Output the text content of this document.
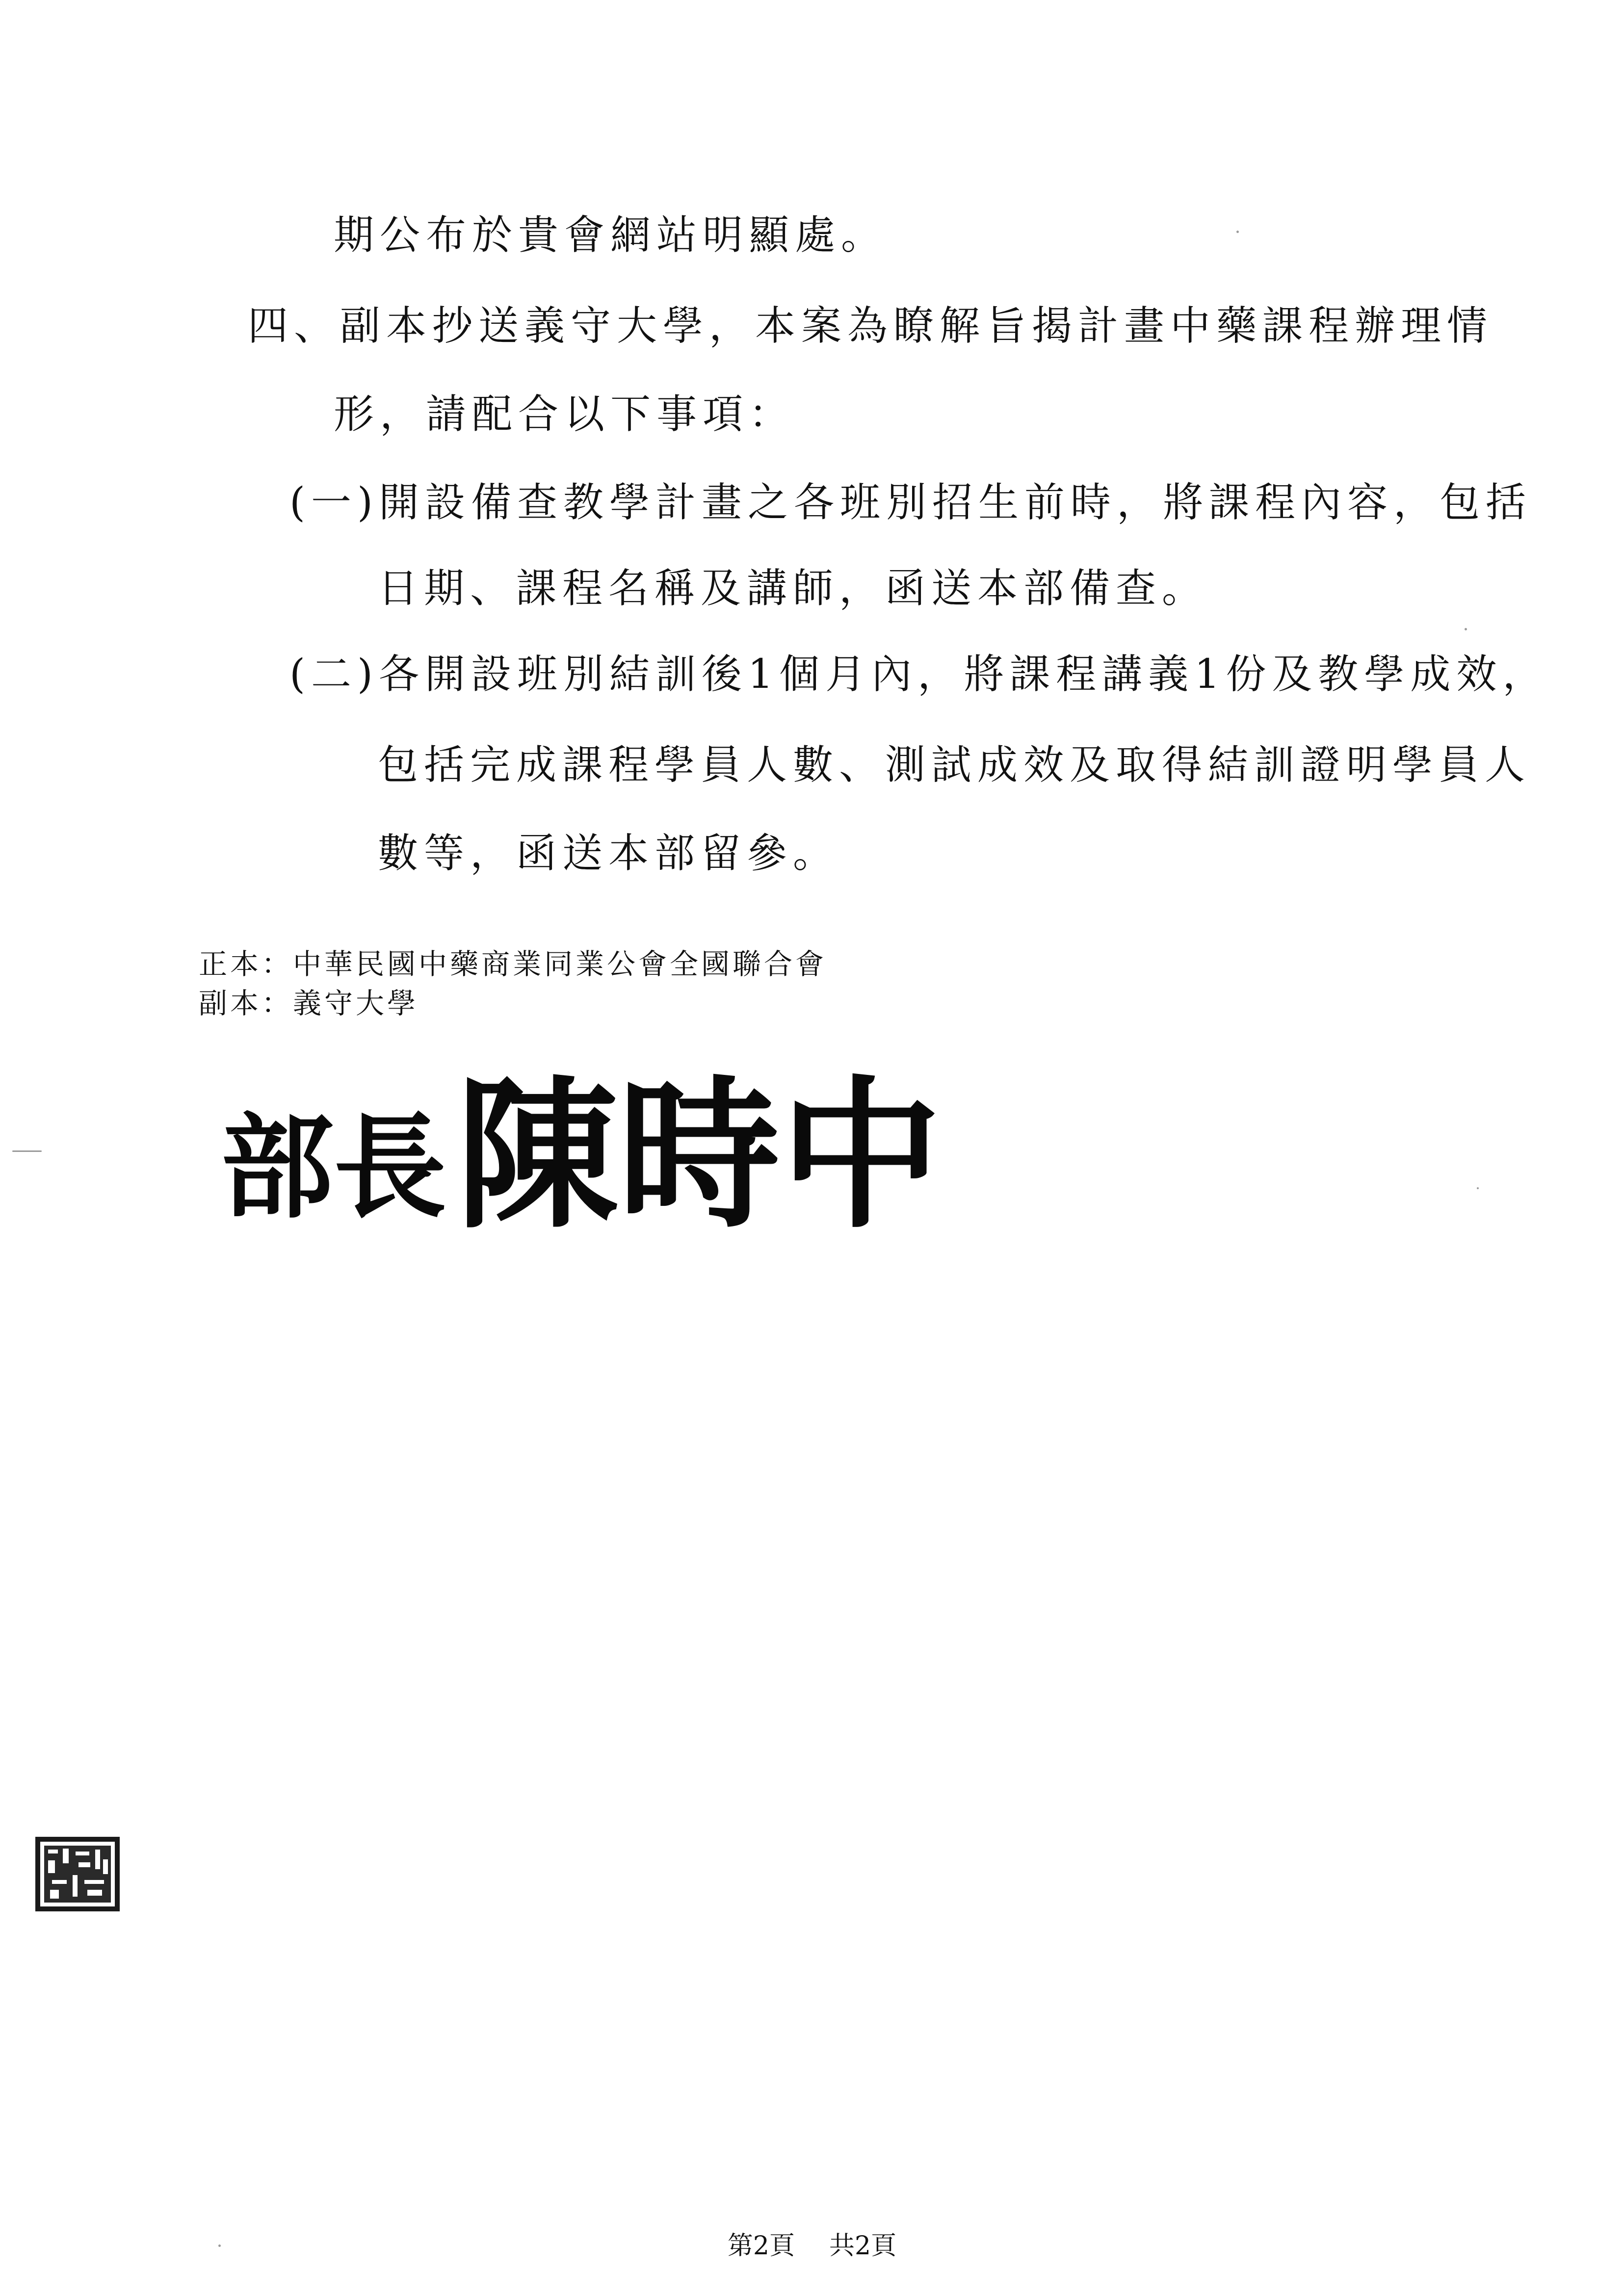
期公布於貴會網站明顯處。
四、副本抄送義守大學，本案為瞭解旨揭計畫中藥課程辦理情
形，請配合以下事項：
(一)開設備查教學計畫之各班別招生前時，將課程內容，包括
日期、課程名稱及講師，函送本部備查。
(二)各開設班別結訓後1個月內，將課程講義1份及教學成效，
包括完成課程學員人數、測試成效及取得結訓證明學員人
數等，函送本部留參。
正本：中華民國中藥商業同業公會全國聯合會
副本：義守大學
部長 陳時中
第2頁 共2頁
